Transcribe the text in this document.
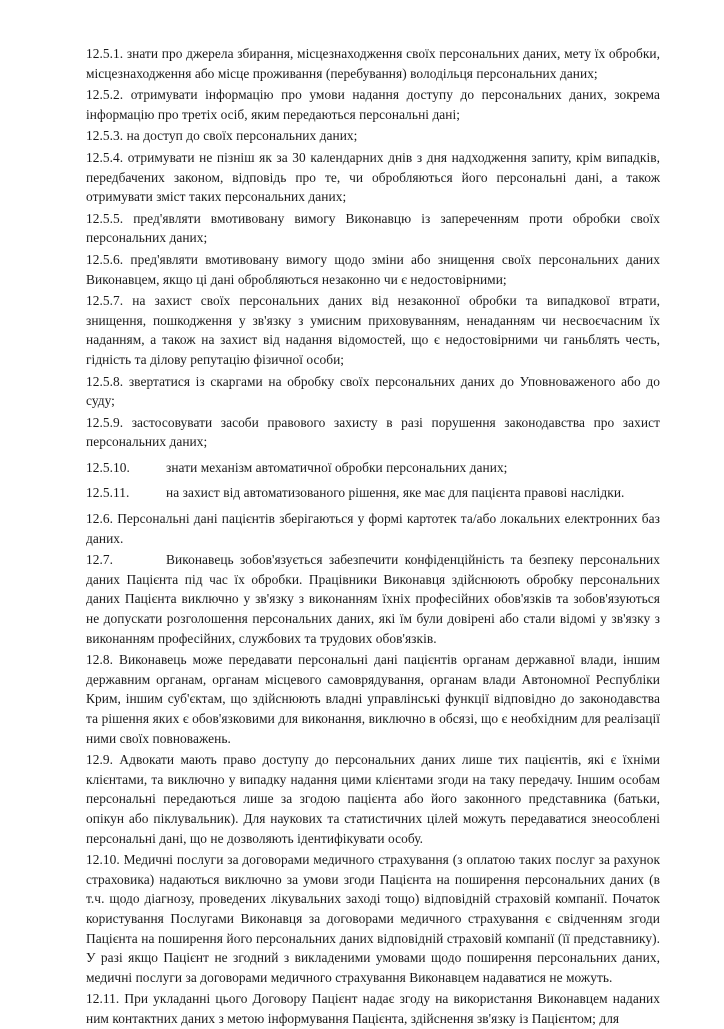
12.5.1. знати про джерела збирання, місцезнаходження своїх персональних даних, мету їх обробки, місцезнаходження або місце проживання (перебування) володільця персональних даних;

12.5.2. отримувати інформацію про умови надання доступу до персональних даних, зокрема інформацію про третіх осіб, яким передаються персональні дані;

12.5.3. на доступ до своїх персональних даних;

12.5.4. отримувати не пізніш як за 30 календарних днів з дня надходження запиту, крім випадків, передбачених законом, відповідь про те, чи обробляються його персональні дані, а також отримувати зміст таких персональних даних;

12.5.5. пред'являти вмотивовану вимогу Виконавцю із запереченням проти обробки своїх персональних даних;

12.5.6. пред'являти вмотивовану вимогу щодо зміни або знищення своїх персональних даних Виконавцем, якщо ці дані обробляються незаконно чи є недостовірними;

12.5.7. на захист своїх персональних даних від незаконної обробки та випадкової втрати, знищення, пошкодження у зв'язку з умисним приховуванням, ненаданням чи несвоєчасним їх наданням, а також на захист від надання відомостей, що є недостовірними чи ганьблять честь, гідність та ділову репутацію фізичної особи;

12.5.8. звертатися із скаргами на обробку своїх персональних даних до Уповноваженого або до суду;

12.5.9. застосовувати засоби правового захисту в разі порушення законодавства про захист персональних даних;

12.5.10.	знати механізм автоматичної обробки персональних даних;

12.5.11.	на захист від автоматизованого рішення, яке має для пацієнта правові наслідки.

12.6. Персональні дані пацієнтів зберігаються у формі картотек та/або локальних електронних баз даних.

12.7.	Виконавець зобов'язується забезпечити конфіденційність та безпеку персональних даних Пацієнта під час їх обробки. Працівники Виконавця здійснюють обробку персональних даних Пацієнта виключно у зв'язку з виконанням їхніх професійних обов'язків та зобов'язуються не допускати розголошення персональних даних, які їм були довірені або стали відомі у зв'язку з виконанням професійних, службових та трудових обов'язків.

12.8. Виконавець може передавати персональні дані пацієнтів органам державної влади, іншим державним органам, органам місцевого самоврядування, органам влади Автономної Республіки Крим, іншим суб'єктам, що здійснюють владні управлінські функції відповідно до законодавства та рішення яких є обов'язковими для виконання, виключно в обсязі, що є необхідним для реалізації ними своїх повноважень.

12.9. Адвокати мають право доступу до персональних даних лише тих пацієнтів, які є їхніми клієнтами, та виключно у випадку надання цими клієнтами згоди на таку передачу. Іншим особам персональні передаються лише за згодою пацієнта або його законного представника (батьки, опікун або піклувальник). Для наукових та статистичних цілей можуть передаватися знеособлені персональні дані, що не дозволяють ідентифікувати особу.

12.10. Медичні послуги за договорами медичного страхування (з оплатою таких послуг за рахунок страховика) надаються виключно за умови згоди Пацієнта на поширення персональних даних (в т.ч. щодо діагнозу, проведених лікувальних заході тощо) відповідній страховій компанії. Початок користування Послугами Виконавця за договорами медичного страхування є свідченням згоди Пацієнта на поширення його персональних даних відповідній страховій компанії (її представнику). У разі якщо Пацієнт не згодний з викладеними умовами щодо поширення персональних даних, медичні послуги за договорами медичного страхування Виконавцем надаватися не можуть.

12.11. При укладанні цього Договору Пацієнт надає згоду на використання Виконавцем наданих ним контактних даних з метою інформування Пацієнта, здійснення зв'язку із Пацієнтом; для
